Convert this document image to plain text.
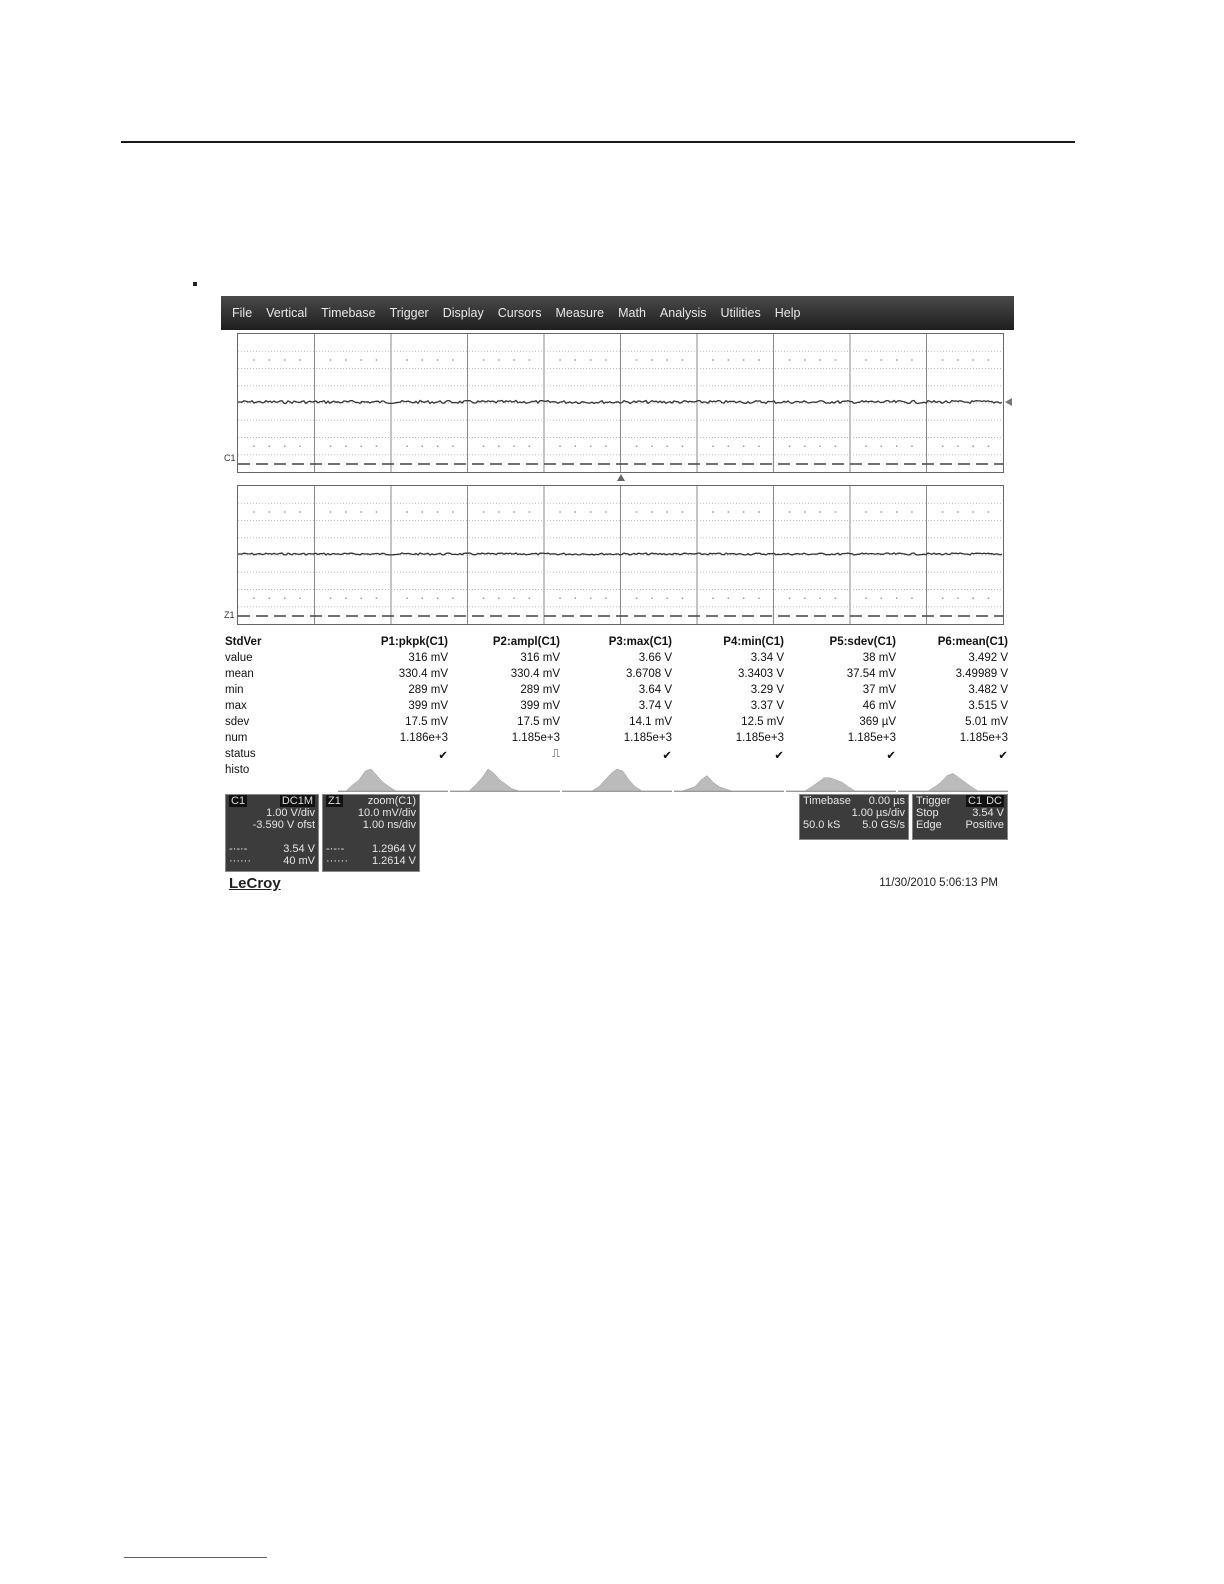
File	Vertical	Timebase	Trigger	Display	Cursors	Measure	Math	Analysis	Utilities	Help
C1
Z1
StdVer	P1:pkpk(C1)	P2:ampl(C1)	P3:max(C1)	P4:min(C1)	P5:sdev(C1)	P6:mean(C1)
value	316 mV	316 mV	3.66 V	3.34 V	38 mV	3.492 V
mean	330.4 mV	330.4 mV	3.6708 V	3.3403 V	37.54 mV	3.49989 V
min	289 mV	289 mV	3.64 V	3.29 V	37 mV	3.482 V
max	399 mV	399 mV	3.74 V	3.37 V	46 mV	3.515 V
sdev	17.5 mV	17.5 mV	14.1 mV	12.5 mV	369 µV	5.01 mV
num	1.186e+3	1.185e+3	1.185e+3	1.185e+3	1.185e+3	1.185e+3
status	✔	⎍	✔	✔	✔	✔
histo
C1	DC1M
1.00 V/div
-3.590 V ofst
-·-·-	3.54 V
······	40 mV
Z1 zoom(C1)
10.0 mV/div
1.00 ns/div
-·-·-	1.2964 V
······ 1.2614 V
Timebase 0.00 µs
1.00 µs/div
50.0 kS 5.0 GS/s
Trigger C1 DC
Stop	3.54 V
Edge Positive
LeCroy	11/30/2010 5:06:13 PM
